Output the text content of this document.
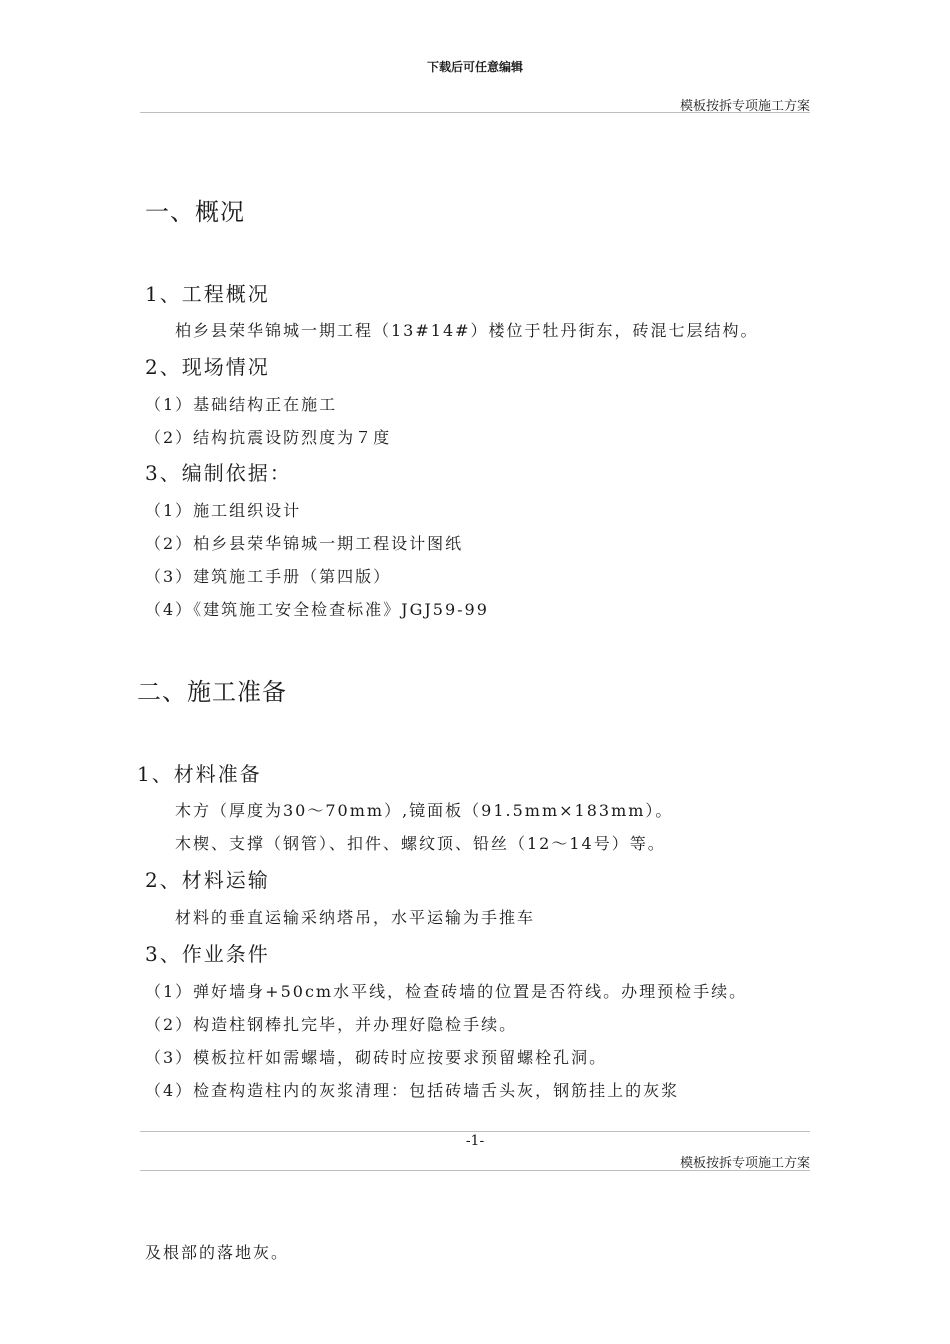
下载后可任意编辑
模板按拆专项施工方案
一、概况
1、工程概况
柏乡县荣华锦城一期工程（13#14#）楼位于牡丹街东，砖混七层结构。
2、现场情况
（1）基础结构正在施工
（2）结构抗震设防烈度为７度
3、编制依据：
（1）施工组织设计
（2）柏乡县荣华锦城一期工程设计图纸
（3）建筑施工手册（第四版）
（4）《建筑施工安全检查标准》JGJ59-99
二、施工准备
1、材料准备
木方（厚度为30～70mm）,镜面板（91.5mm×183mm）。
木楔、支撑（钢管）、扣件、螺纹顶、铅丝（12～14号）等。
2、材料运输
材料的垂直运输采纳塔吊，水平运输为手推车
3、作业条件
（1）弹好墙身+50cm水平线，检查砖墙的位置是否符线。办理预检手续。
（2）构造柱钢棒扎完毕，并办理好隐检手续。
（3）模板拉杆如需螺墙，砌砖时应按要求预留螺栓孔洞。
（4）检查构造柱内的灰浆清理：包括砖墙舌头灰，钢筋挂上的灰浆
-1-
模板按拆专项施工方案
及根部的落地灰。
